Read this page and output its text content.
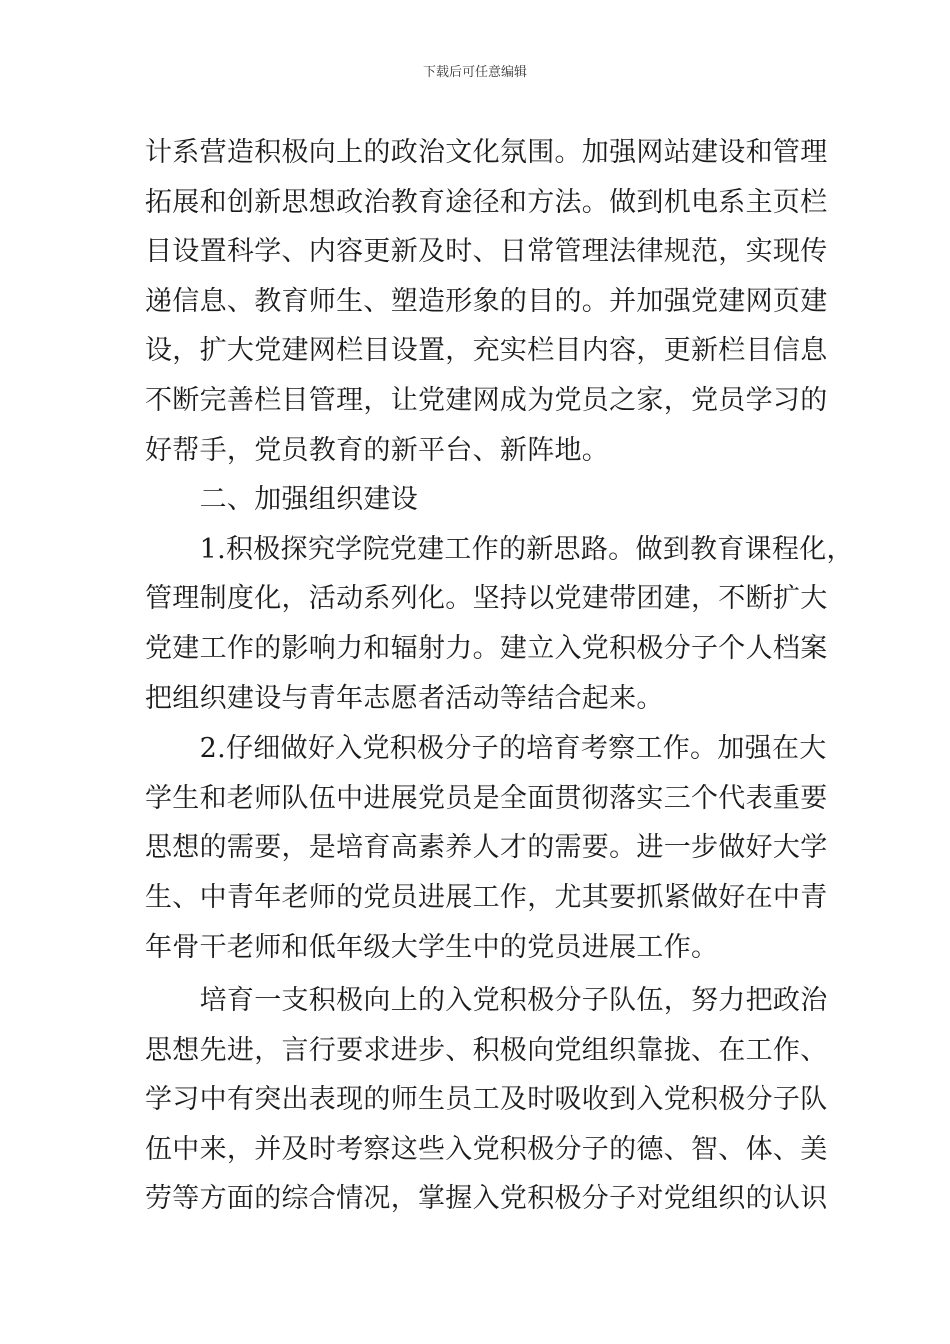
下载后可任意编辑
计系营造积极向上的政治文化氛围。加强网站建设和管理
拓展和创新思想政治教育途径和方法。做到机电系主页栏
目设置科学、内容更新及时、日常管理法律规范，实现传
递信息、教育师生、塑造形象的目的。并加强党建网页建
设，扩大党建网栏目设置，充实栏目内容，更新栏目信息
不断完善栏目管理，让党建网成为党员之家，党员学习的
好帮手，党员教育的新平台、新阵地。
　　二、加强组织建设
　　1.积极探究学院党建工作的新思路。做到教育课程化，
管理制度化，活动系列化。坚持以党建带团建，不断扩大
党建工作的影响力和辐射力。建立入党积极分子个人档案
把组织建设与青年志愿者活动等结合起来。
　　2.仔细做好入党积极分子的培育考察工作。加强在大
学生和老师队伍中进展党员是全面贯彻落实三个代表重要
思想的需要，是培育高素养人才的需要。进一步做好大学
生、中青年老师的党员进展工作，尤其要抓紧做好在中青
年骨干老师和低年级大学生中的党员进展工作。
　　培育一支积极向上的入党积极分子队伍，努力把政治
思想先进，言行要求进步、积极向党组织靠拢、在工作、
学习中有突出表现的师生员工及时吸收到入党积极分子队
伍中来，并及时考察这些入党积极分子的德、智、体、美
劳等方面的综合情况，掌握入党积极分子对党组织的认识
